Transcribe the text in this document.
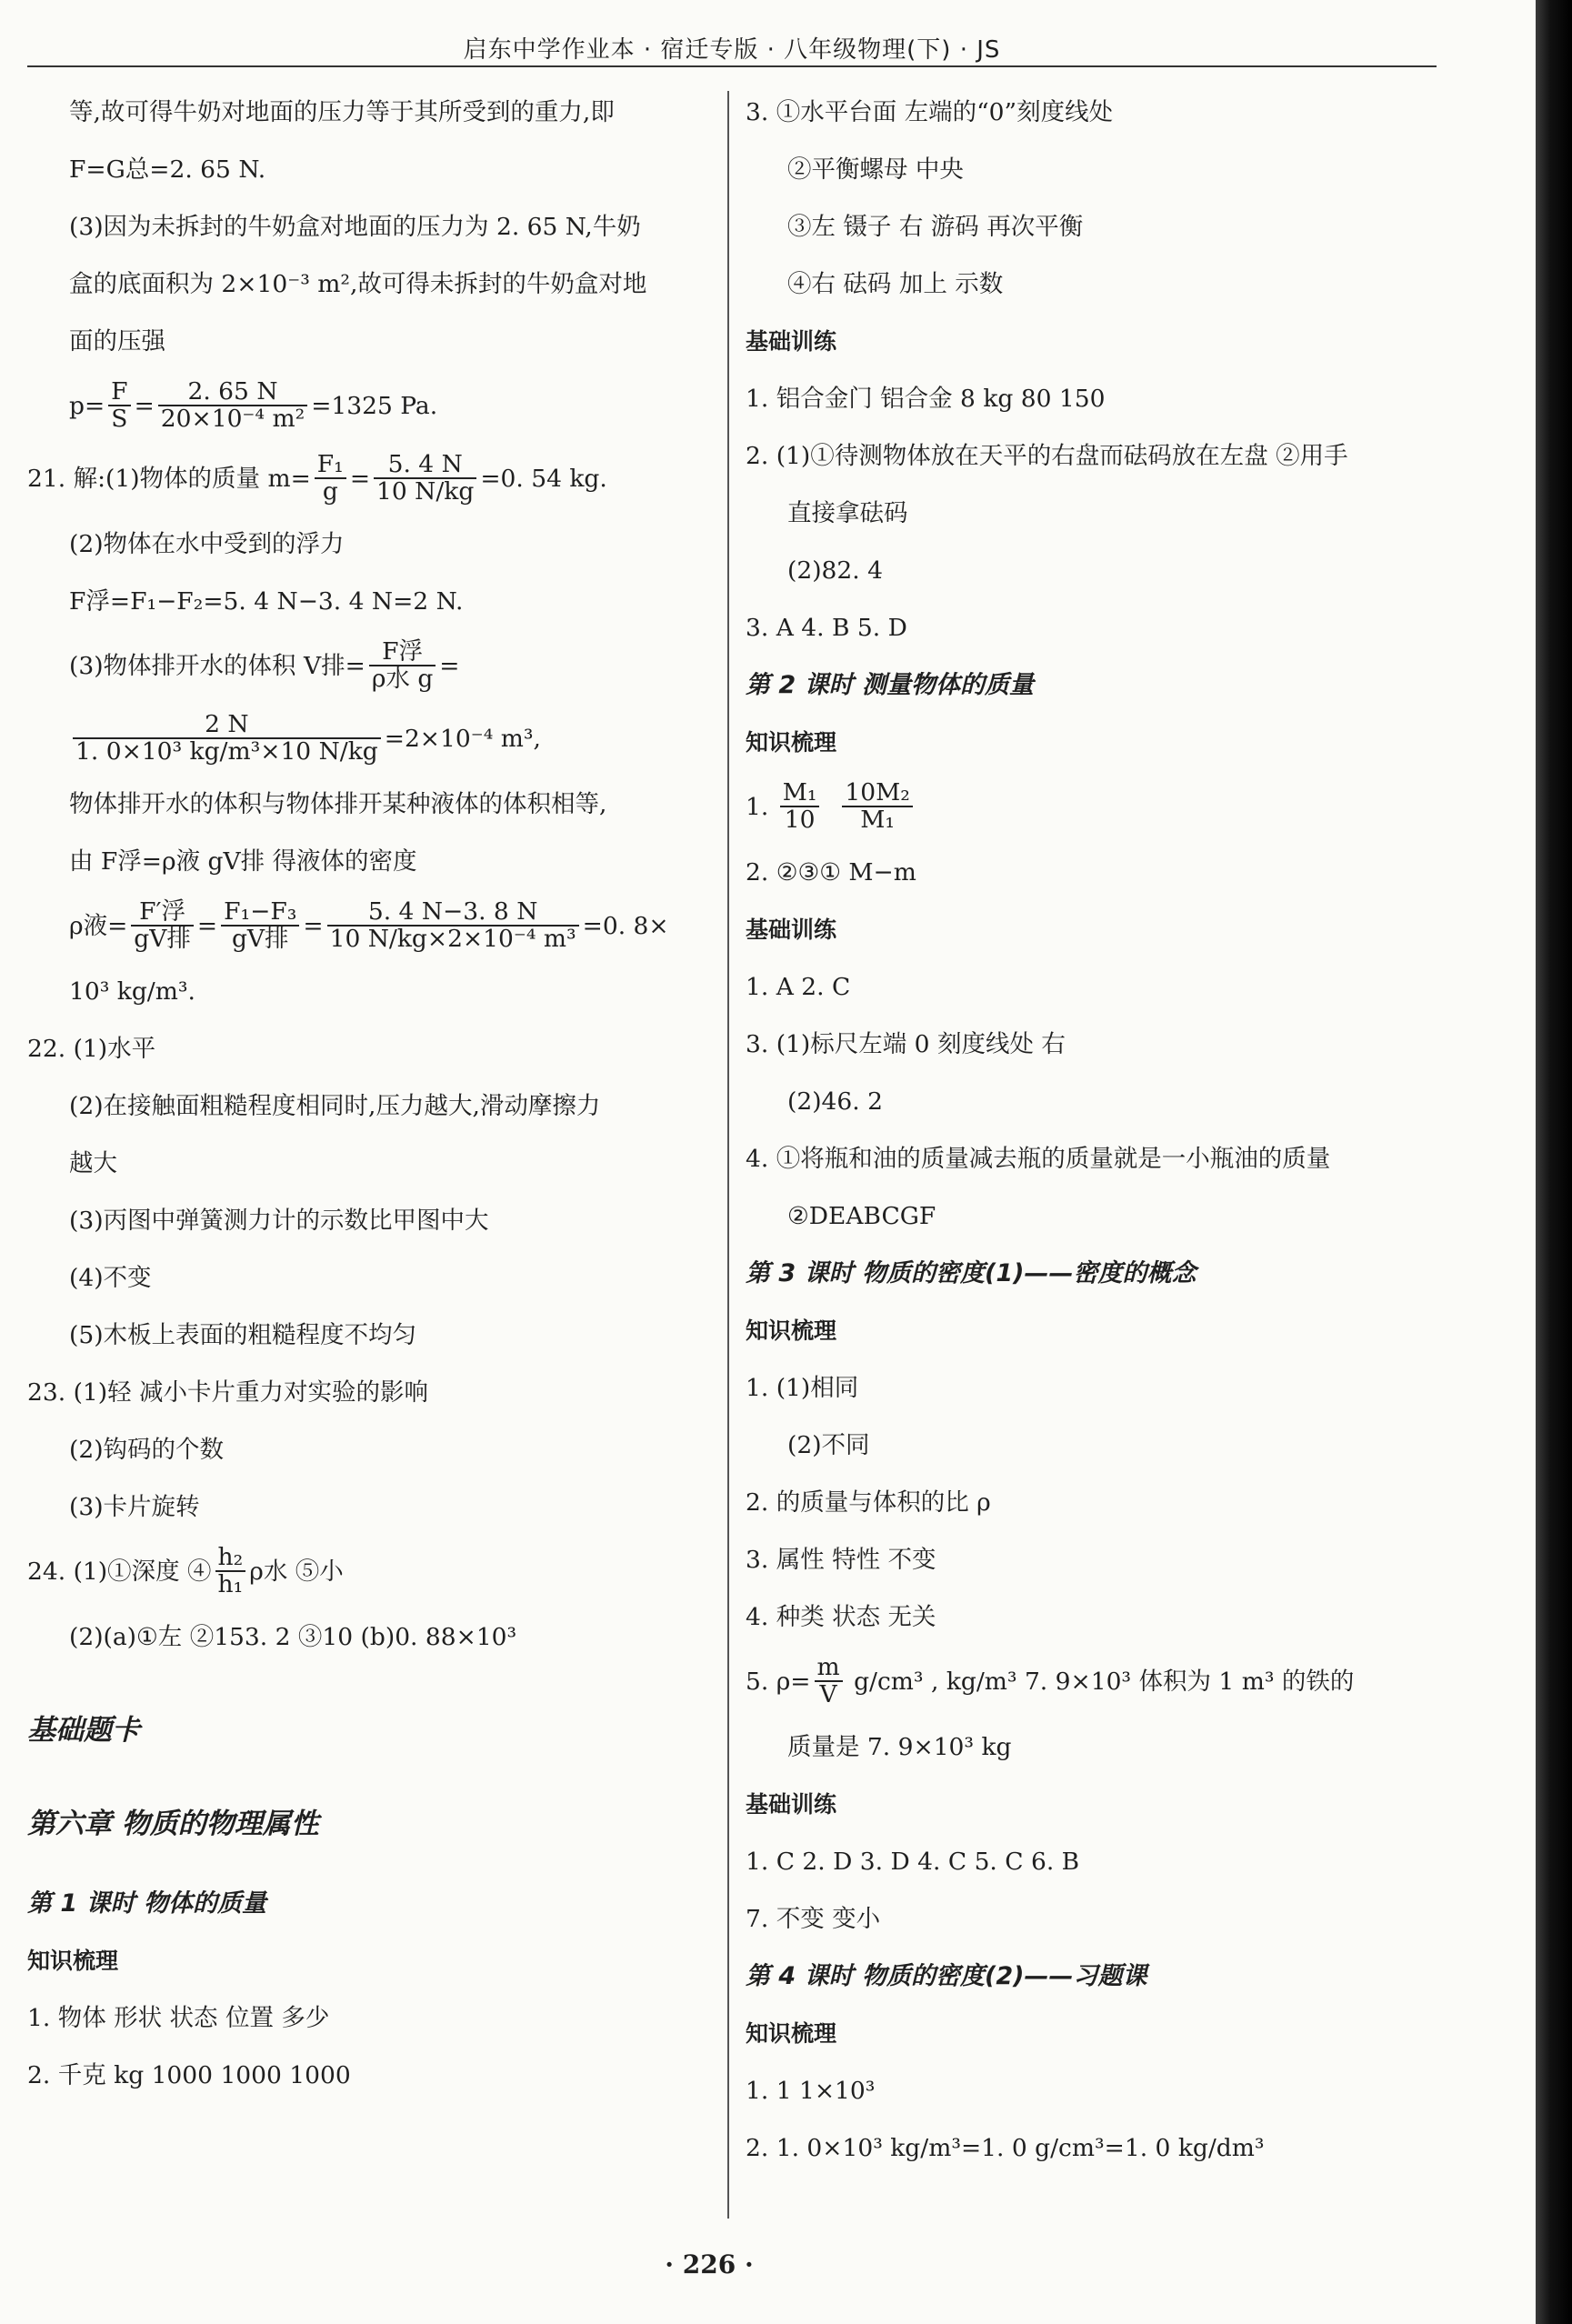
启东中学作业本 · 宿迁专版 · 八年级物理(下) · JS
等,故可得牛奶对地面的压力等于其所受到的重力,即
F=G总=2. 65 N.
(3)因为未拆封的牛奶盒对地面的压力为 2. 65 N,牛奶
盒的底面积为 2×10⁻³ m²,故可得未拆封的牛奶盒对地
面的压强
$p= \frac{F}{S} = \frac{2. 65 N}{\text{20×10⁻⁴ m²}} =1325$ Pa.
21. 解:(1)物体的质量 $m= \frac{\text{F₁}}{g} = \frac{5. 4 N}{10 N/kg} =0$. 54 kg.
(2)物体在水中受到的浮力
F浮=F₁−F₂=5. 4 N−3. 4 N=2 N.
(3)物体排开水的体积 V排= $\frac{\text{F浮}}{\text{ρ水 g}}$ =
$\frac{2 N}{\text{1. 0×10³ kg/m³×10 N/kg}} =2\times 10^{-4}$ m³,
物体排开水的体积与物体排开某种液体的体积相等,
由 F浮=ρ液 gV排 得液体的密度
ρ液= $\frac{\text{F′浮}}{\text{gV排}} = \frac{\text{F₁−F₃}}{\text{gV排}} = \frac{5. 4 N-3. 8 N}{\text{10 N/kg×2×10⁻⁴ m³}} =0$. 8×
10³ kg/m³.
22. (1)水平
(2)在接触面粗糙程度相同时,压力越大,滑动摩擦力
越大
(3)丙图中弹簧测力计的示数比甲图中大
(4)不变
(5)木板上表面的粗糙程度不均匀
23. (1)轻 减小卡片重力对实验的影响
(2)钩码的个数
(3)卡片旋转
24. (1)①深度 ④ $\frac{\text{h₂}}{\text{h₁}}$ ρ水 ⑤小
(2)(a)①左 ②153. 2 ③10 (b)0. 88×10³
基础题卡
第六章 物质的物理属性
第 1 课时 物体的质量
知识梳理
1. 物体 形状 状态 位置 多少
2. 千克 kg 1000 1000 1000
3. ①水平台面 左端的“0”刻度线处
②平衡螺母 中央
③左 镊子 右 游码 再次平衡
④右 砝码 加上 示数
基础训练
1. 铝合金门 铝合金 8 kg 80 150
2. (1)①待测物体放在天平的右盘而砝码放在左盘 ②用手
直接拿砝码
(2)82. 4
3. A 4. B 5. D
第 2 课时 测量物体的质量
知识梳理
1. $\frac{\text{M₁}}{10}$
$\frac{\text{10M₂}}{\text{M₁}}$
2. ②③① M−m
基础训练
1. A 2. C
3. (1)标尺左端 0 刻度线处 右
(2)46. 2
4. ①将瓶和油的质量减去瓶的质量就是一小瓶油的质量
②DEABCGF
第 3 课时 物质的密度(1)——密度的概念
知识梳理
1. (1)相同
(2)不同
2. 的质量与体积的比 ρ
3. 属性 特性 不变
4. 种类 状态 无关
5. $\rho= \frac{m}{V} g/cm^3$ , kg/m³ 7. 9×10³ 体积为 1 m³ 的铁的
质量是 7. 9×10³ kg
基础训练
1. C 2. D 3. D 4. C 5. C 6. B
7. 不变 变小
第 4 课时 物质的密度(2)——习题课
知识梳理
1. 1 1×10³
2. 1. 0×10³ kg/m³=1. 0 g/cm³=1. 0 kg/dm³
· 226 ·
